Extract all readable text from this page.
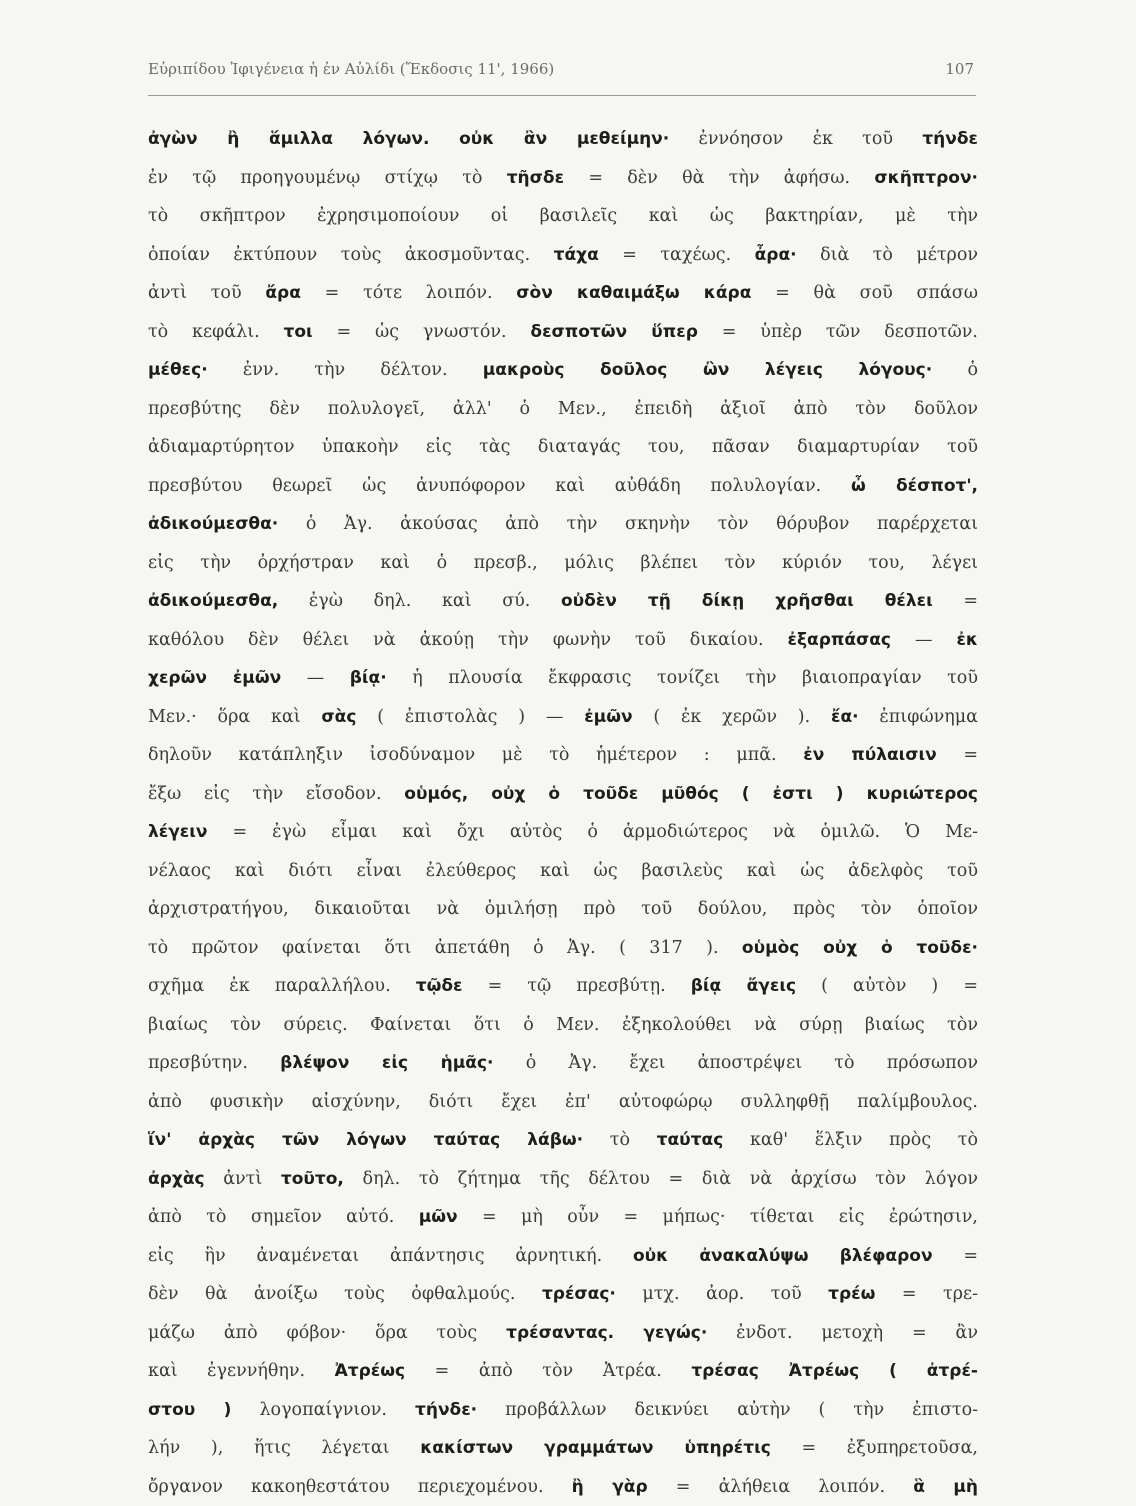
Εὐριπίδου Ἰφιγένεια ἡ ἐν Αὐλίδι (Ἔκδοσις 11', 1966)	107
ἀγὼν ἢ ἅμιλλα λόγων. οὐκ ἂν μεθείμην· ἐννόησον ἐκ τοῦ τήνδε
ἐν τῷ προηγουμένῳ στίχῳ τὸ τῆσδε = δὲν θὰ τὴν ἀφήσω. σκῆπτρον·
τὸ σκῆπτρον ἐχρησιμοποίουν οἱ βασιλεῖς καὶ ὡς βακτηρίαν, μὲ τὴν
ὁποίαν ἐκτύπουν τοὺς ἀκοσμοῦντας. τάχα = ταχέως. ἆρα· διὰ τὸ μέτρον
ἀντὶ τοῦ ἄρα = τότε λοιπόν. σὸν καθαιμάξω κάρα = θὰ σοῦ σπάσω
τὸ κεφάλι. τοι = ὡς γνωστόν. δεσποτῶν ὕπερ = ὑπὲρ τῶν δεσποτῶν.
μέθες· ἐνν. τὴν δέλτον. μακροὺς δοῦλος ὢν λέγεις λόγους· ὁ
πρεσβύτης δὲν πολυλογεῖ, ἀλλ' ὁ Μεν., ἐπειδὴ ἀξιοῖ ἀπὸ τὸν δοῦλον
ἀδιαμαρτύρητον ὑπακοὴν εἰς τὰς διαταγάς του, πᾶσαν διαμαρτυρίαν τοῦ
πρεσβύτου θεωρεῖ ὡς ἀνυπόφορον καὶ αὐθάδη πολυλογίαν. ὦ δέσποτ',
ἀδικούμεσθα· ὁ Ἀγ. ἀκούσας ἀπὸ τὴν σκηνὴν τὸν θόρυβον παρέρχεται
εἰς τὴν ὀρχήστραν καὶ ὁ πρεσβ., μόλις βλέπει τὸν κύριόν του, λέγει
ἀδικούμεσθα, ἐγὼ δηλ. καὶ σύ. οὐδὲν τῇ δίκῃ χρῆσθαι θέλει =
καθόλου δὲν θέλει νὰ ἀκούῃ τὴν φωνὴν τοῦ δικαίου. ἐξαρπάσας — ἐκ
χερῶν ἐμῶν — βίᾳ· ἡ πλουσία ἔκφρασις τονίζει τὴν βιαιοπραγίαν τοῦ
Μεν.· ὅρα καὶ σὰς ( ἐπιστολὰς ) — ἐμῶν ( ἐκ χερῶν ). ἔα· ἐπιφώνημα
δηλοῦν κατάπληξιν ἰσοδύναμον μὲ τὸ ἡμέτερον : μπᾶ. ἐν πύλαισιν =
ἔξω εἰς τὴν εἴσοδον. οὑμός, οὐχ ὁ τοῦδε μῦθός ( ἐστι ) κυριώτερος
λέγειν = ἐγὼ εἶμαι καὶ ὄχι αὐτὸς ὁ ἁρμοδιώτερος νὰ ὁμιλῶ. Ὁ Με-
νέλαος καὶ διότι εἶναι ἐλεύθερος καὶ ὡς βασιλεὺς καὶ ὡς ἀδελφὸς τοῦ
ἀρχιστρατήγου, δικαιοῦται νὰ ὁμιλήσῃ πρὸ τοῦ δούλου, πρὸς τὸν ὁποῖον
τὸ πρῶτον φαίνεται ὅτι ἀπετάθη ὁ Ἀγ. ( 317 ). οὑμὸς οὐχ ὁ τοῦδε·
σχῆμα ἐκ παραλλήλου. τῷδε = τῷ πρεσβύτῃ. βίᾳ ἄγεις ( αὐτὸν ) =
βιαίως τὸν σύρεις. Φαίνεται ὅτι ὁ Μεν. ἐξηκολούθει νὰ σύρῃ βιαίως τὸν
πρεσβύτην. βλέψον εἰς ἡμᾶς· ὁ Ἀγ. ἔχει ἀποστρέψει τὸ πρόσωπον
ἀπὸ φυσικὴν αἰσχύνην, διότι ἔχει ἐπ' αὐτοφώρῳ συλληφθῇ παλίμβουλος.
ἵν' ἀρχὰς τῶν λόγων ταύτας λάβω· τὸ ταύτας καθ' ἕλξιν πρὸς τὸ
ἀρχὰς ἀντὶ τοῦτο, δηλ. τὸ ζήτημα τῆς δέλτου = διὰ νὰ ἀρχίσω τὸν λόγον
ἀπὸ τὸ σημεῖον αὐτό. μῶν = μὴ οὖν = μήπως· τίθεται εἰς ἐρώτησιν,
εἰς ἣν ἀναμένεται ἀπάντησις ἀρνητική. οὐκ ἀνακαλύψω βλέφαρον =
δὲν θὰ ἀνοίξω τοὺς ὀφθαλμούς. τρέσας· μτχ. ἀορ. τοῦ τρέω = τρε-
μάζω ἀπὸ φόβον· ὅρα τοὺς τρέσαντας. γεγώς· ἐνδοτ. μετοχὴ = ἂν
καὶ ἐγεννήθην. Ἀτρέως = ἀπὸ τὸν Ἀτρέα. τρέσας Ἀτρέως ( ἀτρέ-
στου ) λογοπαίγνιον. τήνδε· προβάλλων δεικνύει αὐτὴν ( τὴν ἐπιστο-
λήν ), ἥτις λέγεται κακίστων γραμμάτων ὑπηρέτις = ἐξυπηρετοῦσα,
ὄργανον κακοηθεστάτου περιεχομένου. ἢ γὰρ = ἀλήθεια λοιπόν. ἃ μὴ
